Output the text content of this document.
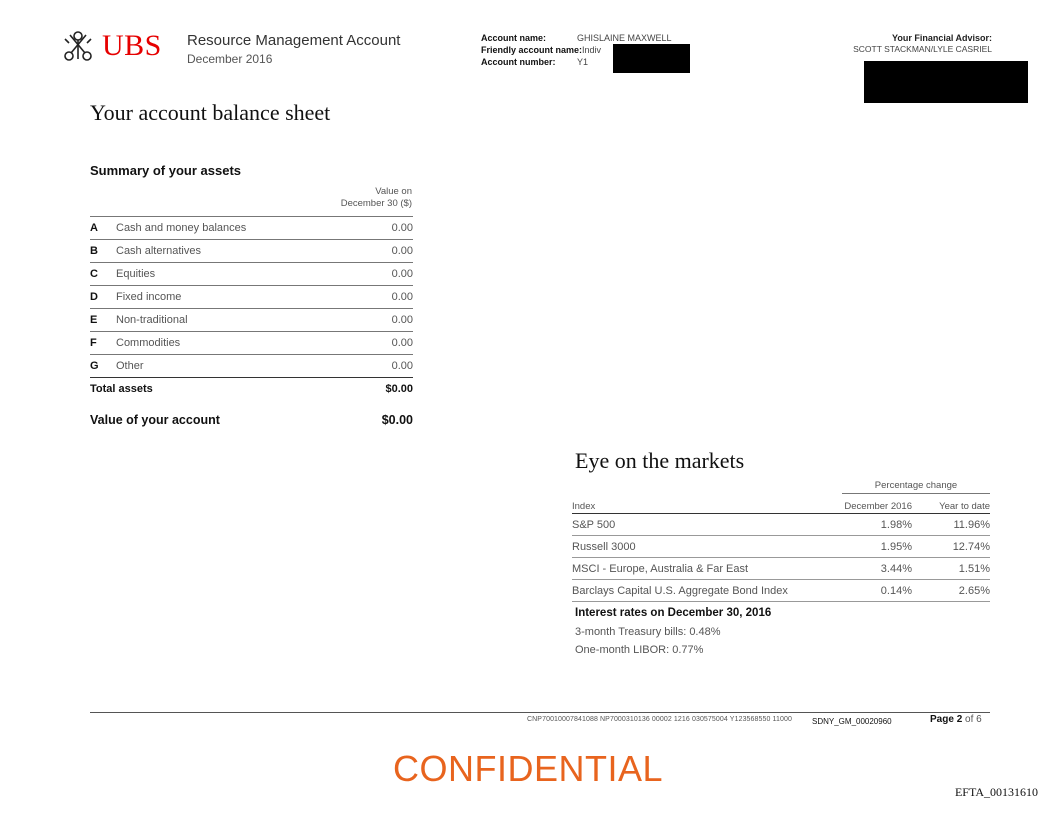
UBS Resource Management Account
December 2016
Account name:	GHISLAINE MAXWELL
Friendly account name:Indiv
Account number: Y1
Your Financial Advisor:
SCOTT STACKMAN/LYLE CASRIEL
Your account balance sheet
Summary of your assets
Value on
December 30 ($)
A	Cash and money balances	0.00
B	Cash alternatives	0.00
C	Equities	0.00
D	Fixed income	0.00
E	Non-traditional	0.00
F	Commodities	0.00
G	Other	0.00
Total assets	$0.00
Value of your account	$0.00
Eye on the markets
Percentage change
Index	December 2016	Year to date
S&P 500	1.98%	11.96%
Russell 3000	1.95%	12.74%
MSCI - Europe, Australia & Far East	3.44%	1.51%
Barclays Capital U.S. Aggregate Bond Index	0.14%	2.65%
Interest rates on December 30, 2016
3-month Treasury bills: 0.48%
One-month LIBOR: 0.77%
CNP70010007841088 NP7000310136 00002 1216 030575004 Y123568550 11000 SDNY_GM_00020960	Page 2 of 6
CONFIDENTIAL
EFTA_00131610
